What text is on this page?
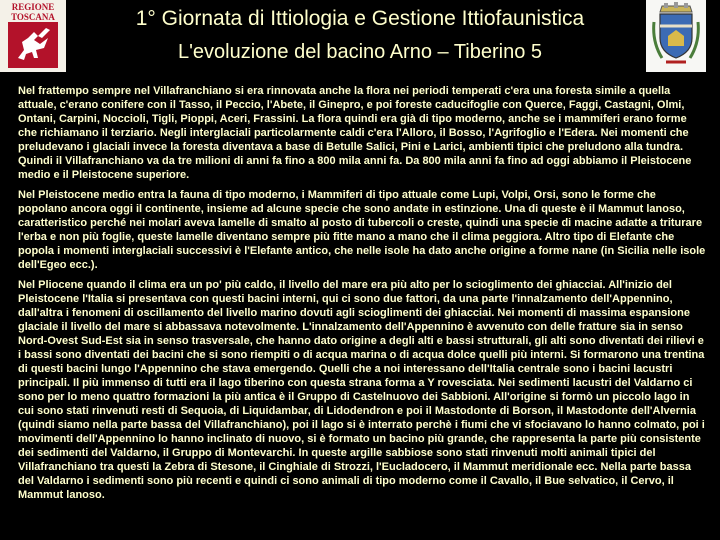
REGIONE
TOSCANA	1° Giornata di Ittiologia e Gestione Ittiofaunistica
L'evoluzione del bacino Arno – Tiberino 5

Nel frattempo sempre nel Villafranchiano si era rinnovata anche la flora nei periodi temperati c'era una foresta simile a quella attuale, c'erano conifere con il Tasso, il Peccio, l'Abete, il Ginepro, e poi foreste caducifoglie con Querce, Faggi, Castagni, Olmi, Ontani, Carpini, Noccioli, Tigli, Pioppi, Aceri, Frassini. La flora quindi era già di tipo moderno, anche se i mammiferi erano forme che richiamano il terziario. Negli interglaciali particolarmente caldi c'era l'Alloro, il Bosso, l'Agrifoglio e l'Edera. Nei momenti che preludevano i glaciali invece la foresta diventava a base di Betulle Salici, Pini e Larici, ambienti tipici che preludono alla tundra. Quindi il Villafranchiano va da tre milioni di anni fa fino a 800 mila anni fa. Da 800 mila anni fa fino ad oggi abbiamo il Pleistocene medio e il Pleistocene superiore.

Nel Pleistocene medio entra la fauna di tipo moderno, i Mammiferi di tipo attuale come Lupi, Volpi, Orsi, sono le forme che popolano ancora oggi il continente, insieme ad alcune specie che sono andate in estinzione. Una di queste è il Mammut lanoso, caratteristico perché nei molari aveva lamelle di smalto al posto di tubercoli o creste, quindi una specie di macine adatte a triturare l'erba e non più foglie, queste lamelle diventano sempre più fitte mano a mano che il clima peggiora. Altro tipo di Elefante che popola i momenti interglaciali successivi è l'Elefante antico, che nelle isole ha dato anche origine a forme nane (in Sicilia nelle isole dell'Egeo ecc.).

Nel Pliocene quando il clima era un po' più caldo, il livello del mare era più alto per lo scioglimento dei ghiacciai. All'inizio del Pleistocene l'Italia si presentava con questi bacini interni, qui ci sono due fattori, da una parte l'innalzamento dell'Appennino, dall'altra i fenomeni di oscillamento del livello marino dovuti agli scioglimenti dei ghiacciai. Nei momenti di massima espansione glaciale il livello del mare si abbassava notevolmente. L'innalzamento dell'Appennino è avvenuto con delle fratture sia in senso Nord-Ovest Sud-Est sia in senso trasversale, che hanno dato origine a degli alti e bassi strutturali, gli alti sono diventati dei rilievi e i bassi sono diventati dei bacini che si sono riempiti o di acqua marina o di acqua dolce quelli più interni. Si formarono una trentina di questi bacini lungo l'Appennino che stava emergendo. Quelli che a noi interessano dell'Italia centrale sono i bacini lacustri principali. Il più immenso di tutti era il lago tiberino con questa strana forma a Y rovesciata. Nei sedimenti lacustri del Valdarno ci sono per lo meno quattro formazioni la più antica è il Gruppo di Castelnuovo dei Sabbioni. All'origine si formò un piccolo lago in cui sono stati rinvenuti resti di Sequoia, di Liquidambar, di Lidodendron e poi il Mastodonte di Borson, il Mastodonte dell'Alvernia (quindi siamo nella parte bassa del Villafranchiano), poi il lago si è interrato perchè i fiumi che vi sfociavano lo hanno colmato, poi i movimenti dell'Appennino lo hanno inclinato di nuovo, si è formato un bacino più grande, che rappresenta la parte più consistente dei sedimenti del Valdarno, il Gruppo di Montevarchi. In queste argille sabbiose sono stati rinvenuti molti animali tipici del Villafranchiano tra questi la Zebra di Stesone, il Cinghiale di Strozzi, l'Eucladocero, il Mammut meridionale ecc. Nella parte bassa del Valdarno i sedimenti sono più recenti e quindi ci sono animali di tipo moderno come il Cavallo, il Bue selvatico, il Cervo, il Mammut lanoso.
